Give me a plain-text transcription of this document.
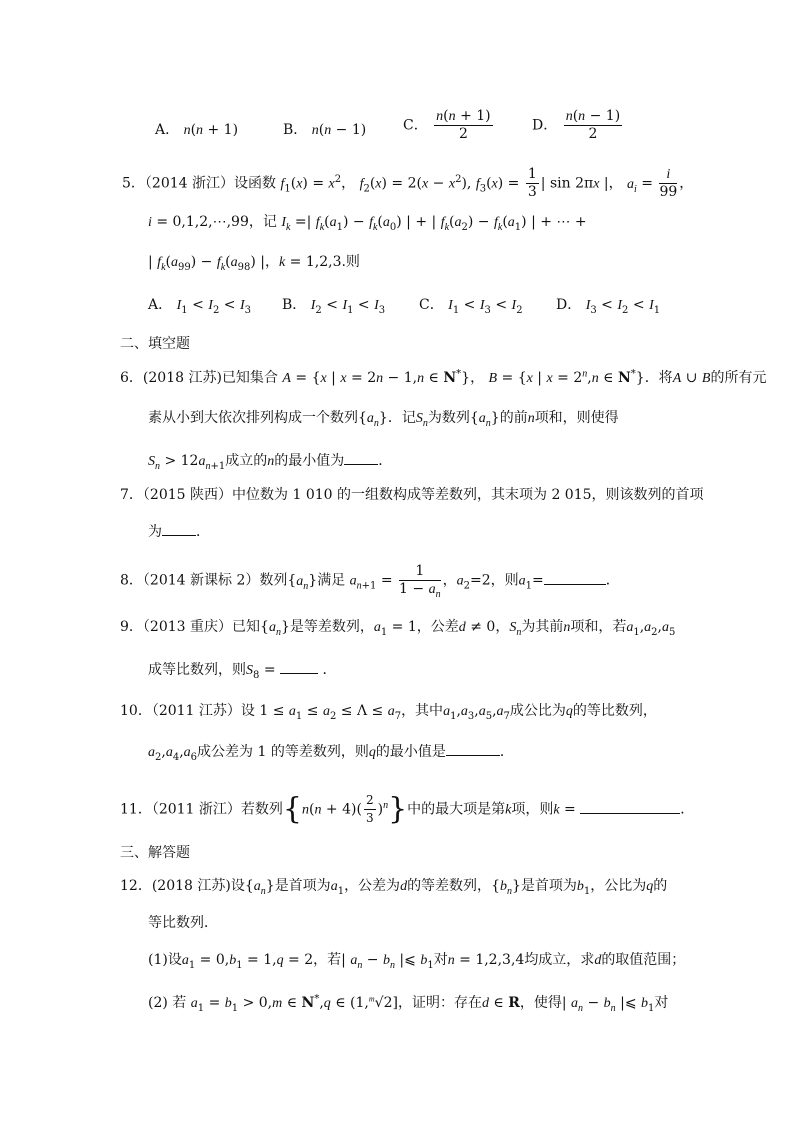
A． n(n + 1)	B． n(n − 1)	C． $\frac{n(n + 1)}{2}$	D． $\frac{n(n - 1)}{2}$
5．（2014 浙江）设函数 $f_1(x) = x^2$， $f_2(x) = 2(x - x^2)$, $f_3(x) = \frac{1}{3}$ | sin 2πx |， $a_i = \frac{i}{99}$ ，
i = 0,1,2,⋯,99，记 $I_k$ =| $f_k(a_1) - f_k(a_0)$ | + | $f_k(a_2) - f_k(a_1)$ | + ⋯ +
| $f_k(a_{99}) - f_k(a_{98})$ |，k = 1,2,3.则
A． $I_1 < I_2 < I_3$ B． $I_2 < I_1 < I_3$ C． $I_1 < I_3 < I_2$ D． $I_3 < I_2 < I_1$
二、填空题
6．(2018 江苏)已知集合 A = {x | x = 2n − 1,n ∈ N*}， B = {x | $x = 2^n,n$ ∈ N*}．将A ∪ B的所有元
素从小到大依次排列构成一个数列$\{a_n\}$．记$S_n$为数列$\{a_n\}$的前n项和，则使得
$S_n > 12a_{n+1}$成立的n的最小值为 ．
7．（2015 陕西）中位数为 1 010 的一组数构成等差数列，其末项为 2 015，则该数列的首项
为 ．
8．（2014 新课标 2）数列$\{a_n\}$满足 $a_{n+1} = \frac{1}{1 - a_n}$ ，$a_2=2$，则$a_1=$	．
9．（2013 重庆）已知$\{a_n\}$是等差数列，$a_1 = 1$，公差d ≠ 0，$S_n$为其前n项和，若$a_1,a_2,a_5$
成等比数列，则$S_8$ =	．
10．（2011 江苏）设 $1 \le a_1 \le a_2 \le \Lambda \le a_7$，其中$a_1,a_3,a_5,a_7$成公比为q的等比数列，
$a_2,a_4,a_6$成公差为 1 的等差数列，则q的最小值是	．
11．（2011 浙江）若数列$\{n(n + 4)( \frac{2}{3} )^n\}$中的最大项是第k项，则k =	．
三、解答题
12．(2018 江苏)设$\{a_n\}$是首项为$a_1$，公差为d的等差数列，$\{b_n\}$是首项为$b_1$，公比为q的
等比数列．
(1)设$a_1 = 0,b_1 = 1,q = 2$，若| $a_n - b_n$ |⩽ $b_1$对n = 1,2,3,4均成立，求d的取值范围；
(2) 若 $a_1 = b_1 > 0,m$ ∈ N*,q ∈ (1,$^m$√2]，证明：存在d ∈ R，使得| $a_n - b_n$ |⩽ $b_1$对
